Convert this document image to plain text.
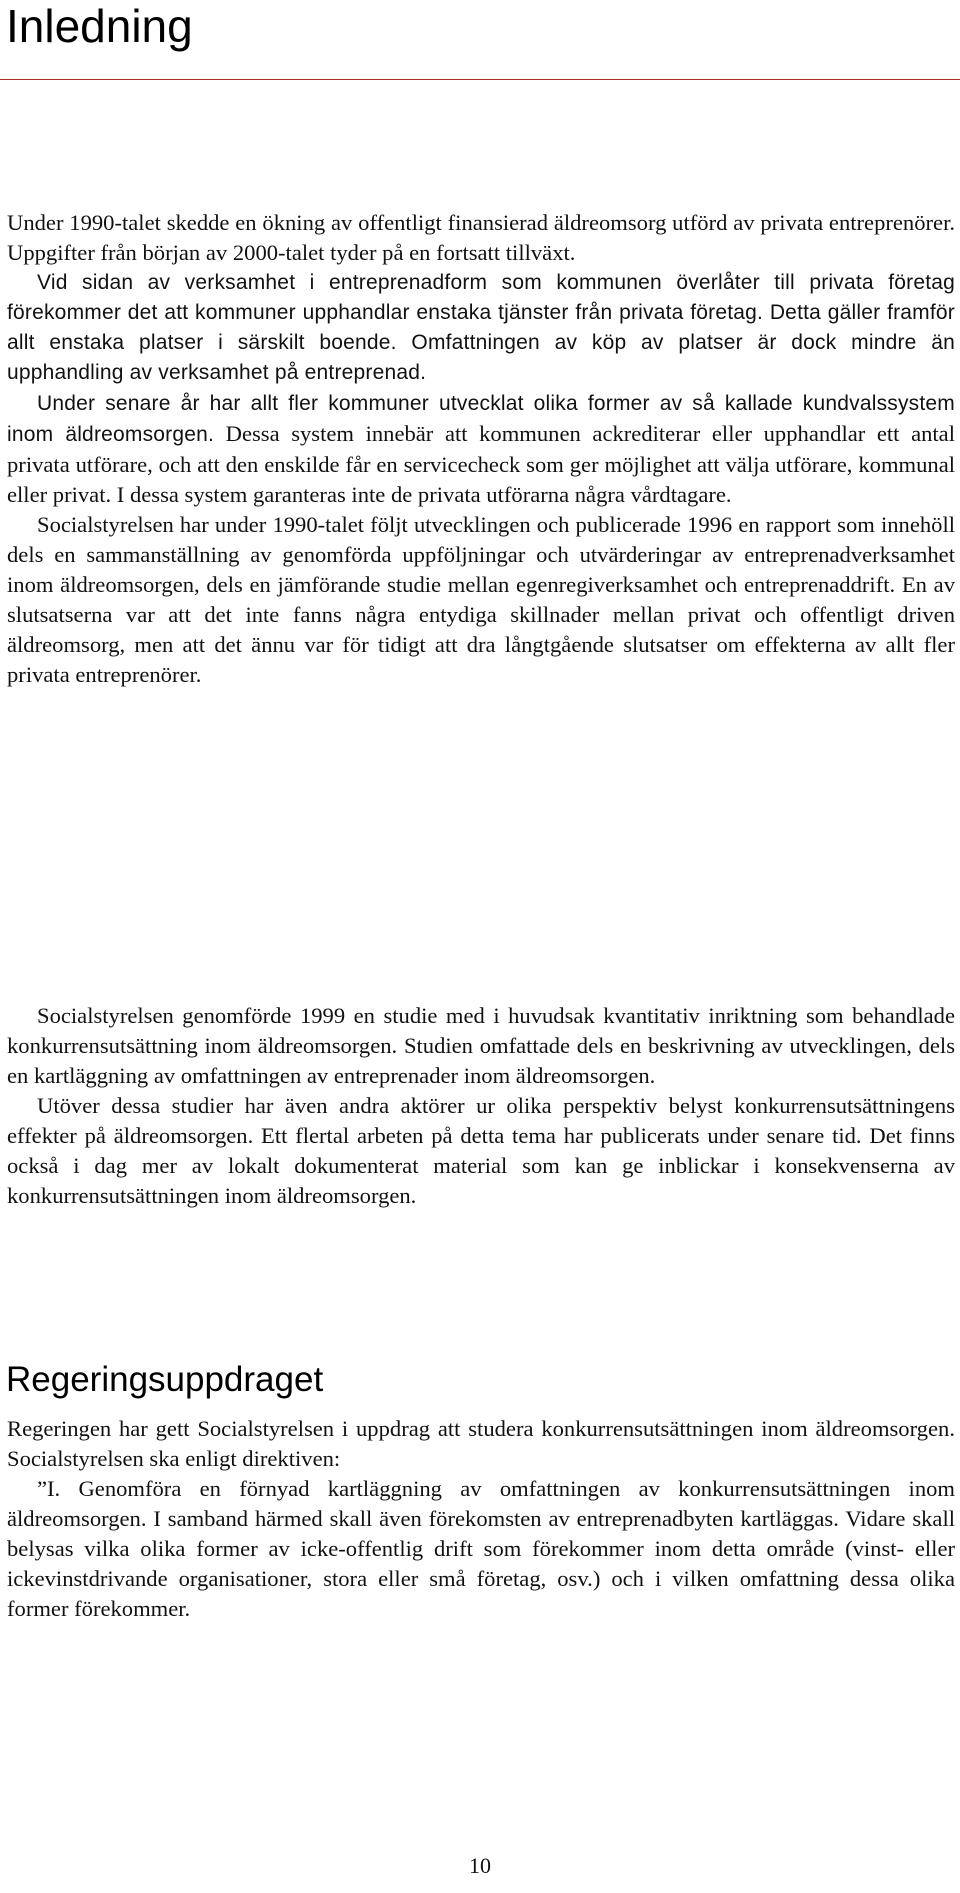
Inledning

Under 1990-talet skedde en ökning av offentligt finansierad äldreomsorg utförd av privata entreprenörer. Uppgifter från början av 2000-talet tyder på en fortsatt tillväxt.

Vid sidan av verksamhet i entreprenadform som kommunen överlåter till privata företag förekommer det att kommuner upphandlar enstaka tjänster från privata företag. Detta gäller framför allt enstaka platser i särskilt boende. Omfattningen av köp av platser är dock mindre än upphandling av verksamhet på entreprenad.

Under senare år har allt fler kommuner utvecklat olika former av så kallade kundvalssystem inom äldreomsorgen. Dessa system innebär att kommunen ackrediterar eller upphandlar ett antal privata utförare, och att den enskilde får en servicecheck som ger möjlighet att välja utförare, kommunal eller privat. I dessa system garanteras inte de privata utförarna några vårdtagare.

Socialstyrelsen har under 1990-talet följt utvecklingen och publicerade 1996 en rapport som innehöll dels en sammanställning av genomförda uppföljningar och utvärderingar av entreprenadverksamhet inom äldreomsorgen, dels en jämförande studie mellan egenregiverksamhet och entreprenaddrift. En av slutsatserna var att det inte fanns några entydiga skillnader mellan privat och offentligt driven äldreomsorg, men att det ännu var för tidigt att dra långtgående slutsatser om effekterna av allt fler privata entreprenörer.

Socialstyrelsen genomförde 1999 en studie med i huvudsak kvantitativ inriktning som behandlade konkurrensutsättning inom äldreomsorgen. Studien omfattade dels en beskrivning av utvecklingen, dels en kartläggning av omfattningen av entreprenader inom äldreomsorgen.

Utöver dessa studier har även andra aktörer ur olika perspektiv belyst konkurrensutsättningens effekter på äldreomsorgen. Ett flertal arbeten på detta tema har publicerats under senare tid. Det finns också i dag mer av lokalt dokumenterat material som kan ge inblickar i konsekvenserna av konkurrensutsättningen inom äldreomsorgen.

Regeringsuppdraget

Regeringen har gett Socialstyrelsen i uppdrag att studera konkurrensutsättningen inom äldreomsorgen. Socialstyrelsen ska enligt direktiven:

”I. Genomföra en förnyad kartläggning av omfattningen av konkurrensutsättningen inom äldreomsorgen. I samband härmed skall även förekomsten av entreprenadbyten kartläggas. Vidare skall belysas vilka olika former av icke-offentlig drift som förekommer inom detta område (vinst- eller ickevinstdrivande organisationer, stora eller små företag, osv.) och i vilken omfattning dessa olika former förekommer.

10
